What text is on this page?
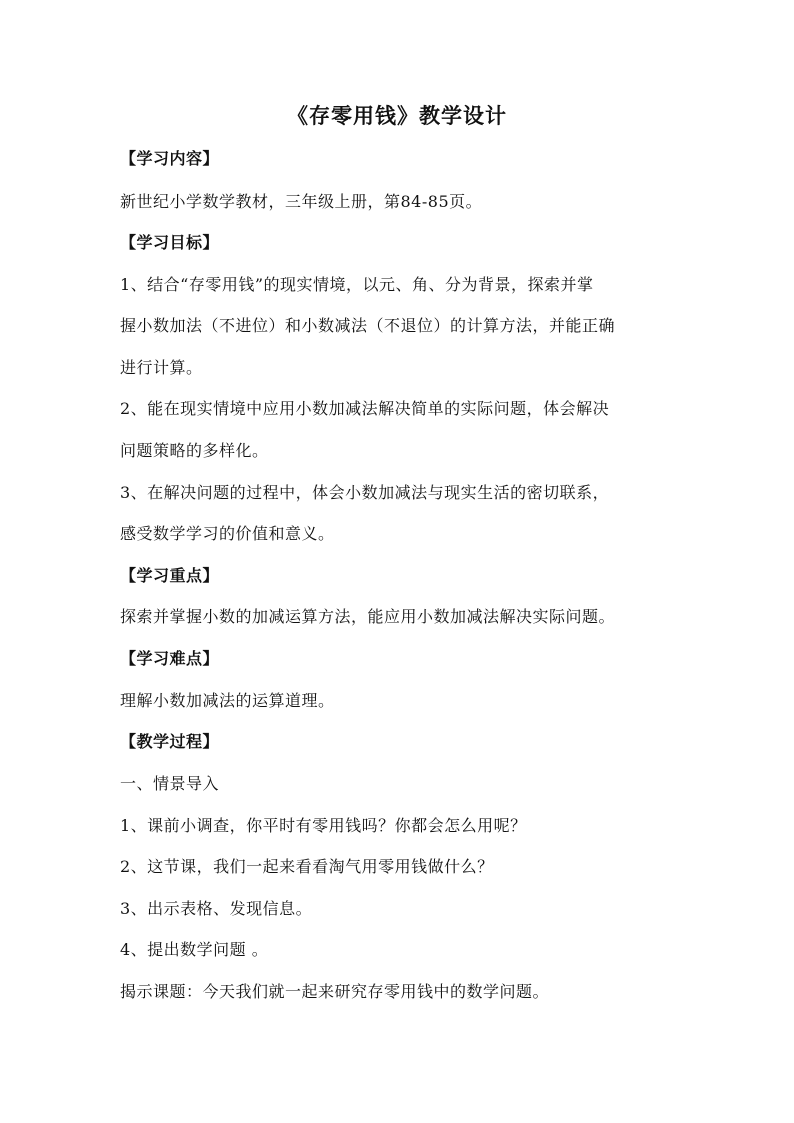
《存零用钱》教学设计
【学习内容】
新世纪小学数学教材，三年级上册，第84-85页。
【学习目标】
1、结合“存零用钱”的现实情境，以元、角、分为背景，探索并掌
握小数加法（不进位）和小数减法（不退位）的计算方法，并能正确
进行计算。
2、能在现实情境中应用小数加减法解决简单的实际问题，体会解决
问题策略的多样化。
3、在解决问题的过程中，体会小数加减法与现实生活的密切联系，
感受数学学习的价值和意义。
【学习重点】
探索并掌握小数的加减运算方法，能应用小数加减法解决实际问题。
【学习难点】
理解小数加减法的运算道理。
【教学过程】
一、情景导入
1、课前小调查，你平时有零用钱吗？你都会怎么用呢？
2、这节课，我们一起来看看淘气用零用钱做什么？
3、出示表格、发现信息。
4、提出数学问题 。
揭示课题：今天我们就一起来研究存零用钱中的数学问题。
